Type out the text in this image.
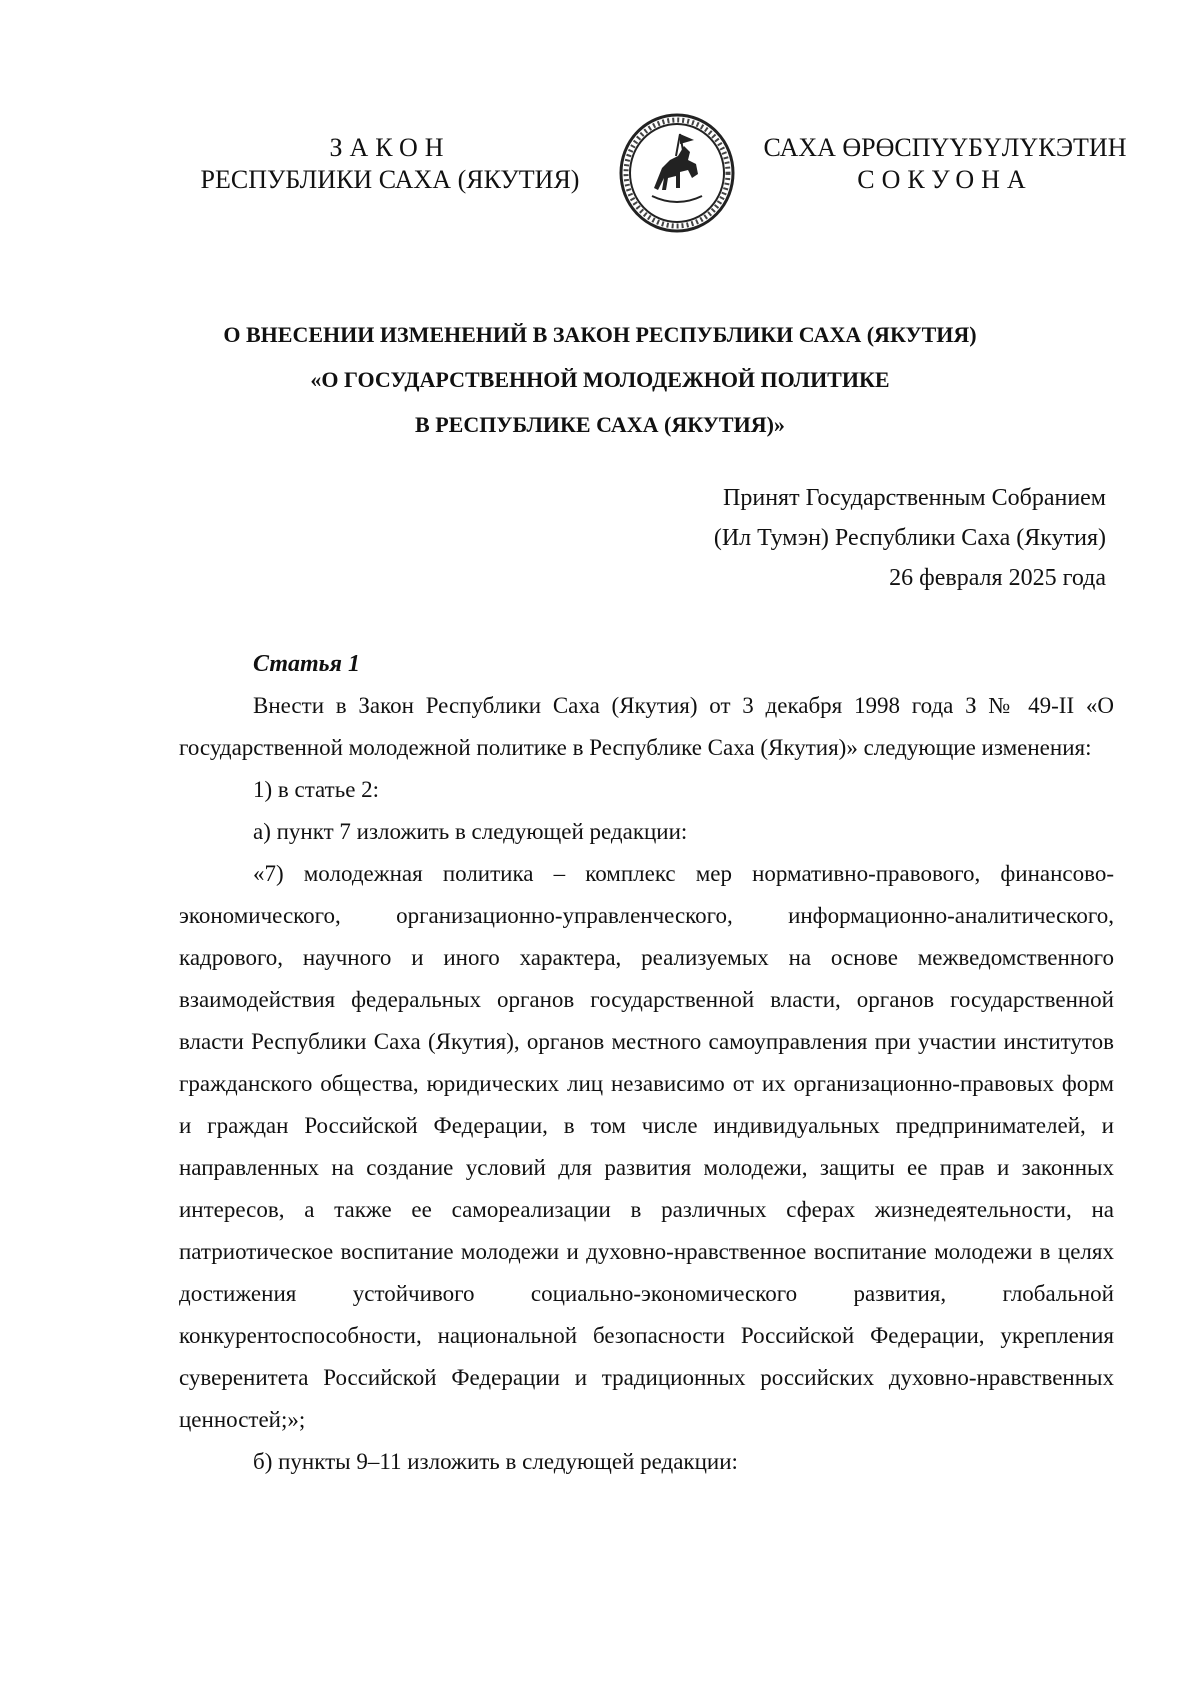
ЗАКОН
РЕСПУБЛИКИ САХА (ЯКУТИЯ)
САХА ӨРӨСПҮҮБҮЛҮКЭТИН
СОКУОНА
О ВНЕСЕНИИ ИЗМЕНЕНИЙ В ЗАКОН РЕСПУБЛИКИ САХА (ЯКУТИЯ)
«О ГОСУДАРСТВЕННОЙ МОЛОДЕЖНОЙ ПОЛИТИКЕ
В РЕСПУБЛИКЕ САХА (ЯКУТИЯ)»
Принят Государственным Собранием
(Ил Тумэн) Республики Саха (Якутия)
26 февраля 2025 года
Статья 1

Внести в Закон Республики Саха (Якутия) от 3 декабря 1998 года З № 49-II «О государственной молодежной политике в Республике Саха (Якутия)» следующие изменения:

1) в статье 2:

а) пункт 7 изложить в следующей редакции:

«7) молодежная политика – комплекс мер нормативно-правового, финансово-экономического, организационно-управленческого, информационно-аналитического, кадрового, научного и иного характера, реализуемых на основе межведомственного взаимодействия федеральных органов государственной власти, органов государственной власти Республики Саха (Якутия), органов местного самоуправления при участии институтов гражданского общества, юридических лиц независимо от их организационно-правовых форм и граждан Российской Федерации, в том числе индивидуальных предпринимателей, и направленных на создание условий для развития молодежи, защиты ее прав и законных интересов, а также ее самореализации в различных сферах жизнедеятельности, на патриотическое воспитание молодежи и духовно-нравственное воспитание молодежи в целях достижения устойчивого социально-экономического развития, глобальной конкурентоспособности, национальной безопасности Российской Федерации, укрепления суверенитета Российской Федерации и традиционных российских духовно-нравственных ценностей;»;

б) пункты 9–11 изложить в следующей редакции:
